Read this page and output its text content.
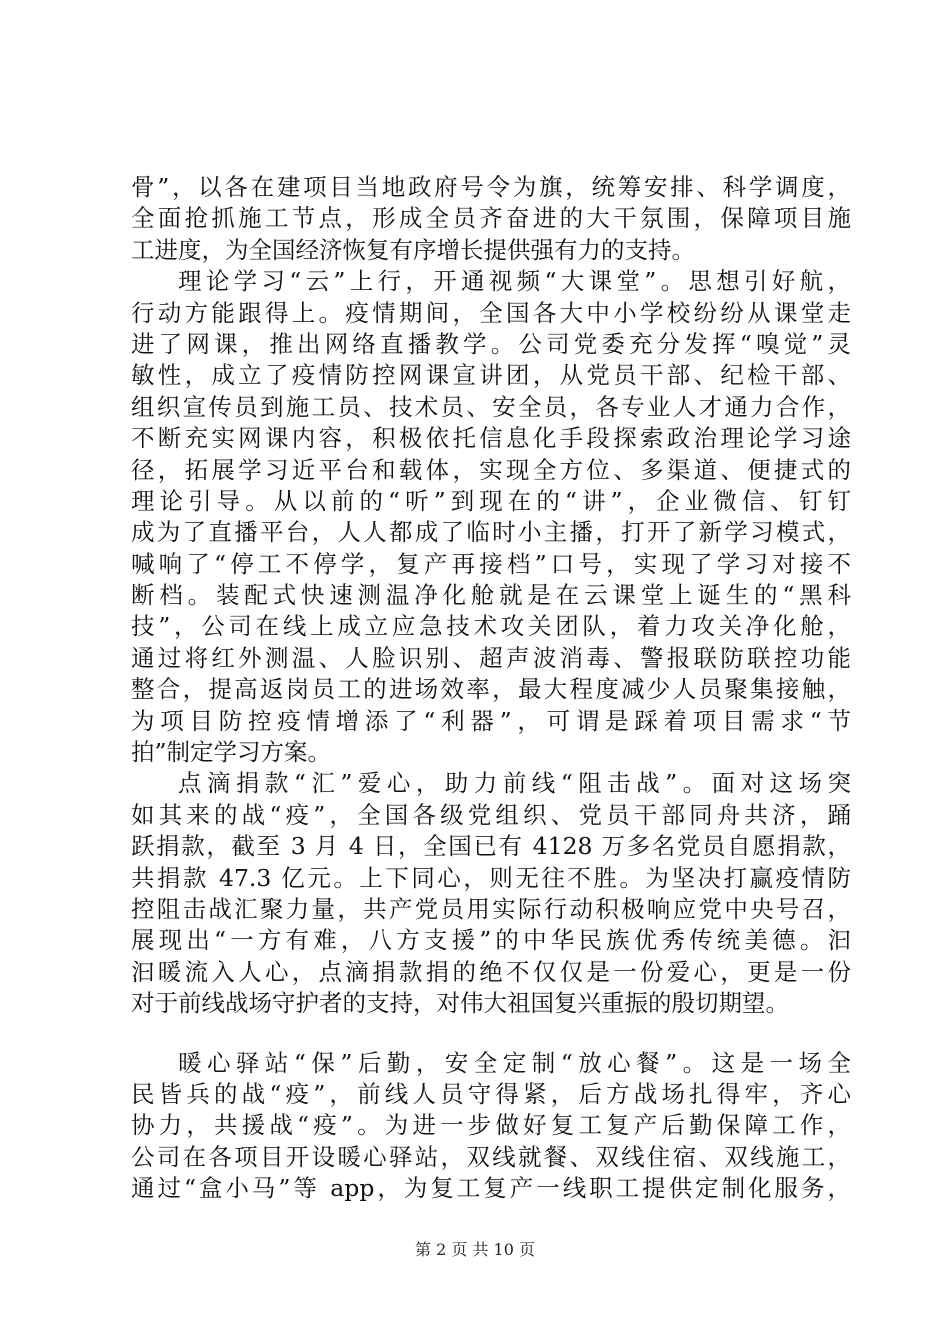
骨”，以各在建项目当地政府号令为旗，统筹安排、科学调度，
全面抢抓施工节点，形成全员齐奋进的大干氛围，保障项目施
工进度，为全国经济恢复有序增长提供强有力的支持。
理论学习“云”上行，开通视频“大课堂”。思想引好航，
行动方能跟得上。疫情期间，全国各大中小学校纷纷从课堂走
进了网课，推出网络直播教学。公司党委充分发挥“嗅觉”灵
敏性，成立了疫情防控网课宣讲团，从党员干部、纪检干部、
组织宣传员到施工员、技术员、安全员，各专业人才通力合作，
不断充实网课内容，积极依托信息化手段探索政治理论学习途
径，拓展学习近平台和载体，实现全方位、多渠道、便捷式的
理论引导。从以前的“听”到现在的“讲”，企业微信、钉钉
成为了直播平台，人人都成了临时小主播，打开了新学习模式，
喊响了“停工不停学，复产再接档”口号，实现了学习对接不
断档。装配式快速测温净化舱就是在云课堂上诞生的“黑科
技”，公司在线上成立应急技术攻关团队，着力攻关净化舱，
通过将红外测温、人脸识别、超声波消毒、警报联防联控功能
整合，提高返岗员工的进场效率，最大程度减少人员聚集接触，
为项目防控疫情增添了“利器”，可谓是踩着项目需求“节
拍”制定学习方案。
点滴捐款“汇”爱心，助力前线“阻击战”。面对这场突
如其来的战“疫”，全国各级党组织、党员干部同舟共济，踊
跃捐款，截至 3 月 4 日，全国已有 4128 万多名党员自愿捐款，
共捐款 47.3 亿元。上下同心，则无往不胜。为坚决打赢疫情防
控阻击战汇聚力量，共产党员用实际行动积极响应党中央号召，
展现出“一方有难，八方支援”的中华民族优秀传统美德。汩
汩暖流入人心，点滴捐款捐的绝不仅仅是一份爱心，更是一份
对于前线战场守护者的支持，对伟大祖国复兴重振的殷切期望。
暖心驿站“保”后勤，安全定制“放心餐”。这是一场全
民皆兵的战“疫”，前线人员守得紧，后方战场扎得牢，齐心
协力，共援战“疫”。为进一步做好复工复产后勤保障工作，
公司在各项目开设暖心驿站，双线就餐、双线住宿、双线施工，
通过“盒小马”等 app，为复工复产一线职工提供定制化服务，
第 2 页 共 10 页
